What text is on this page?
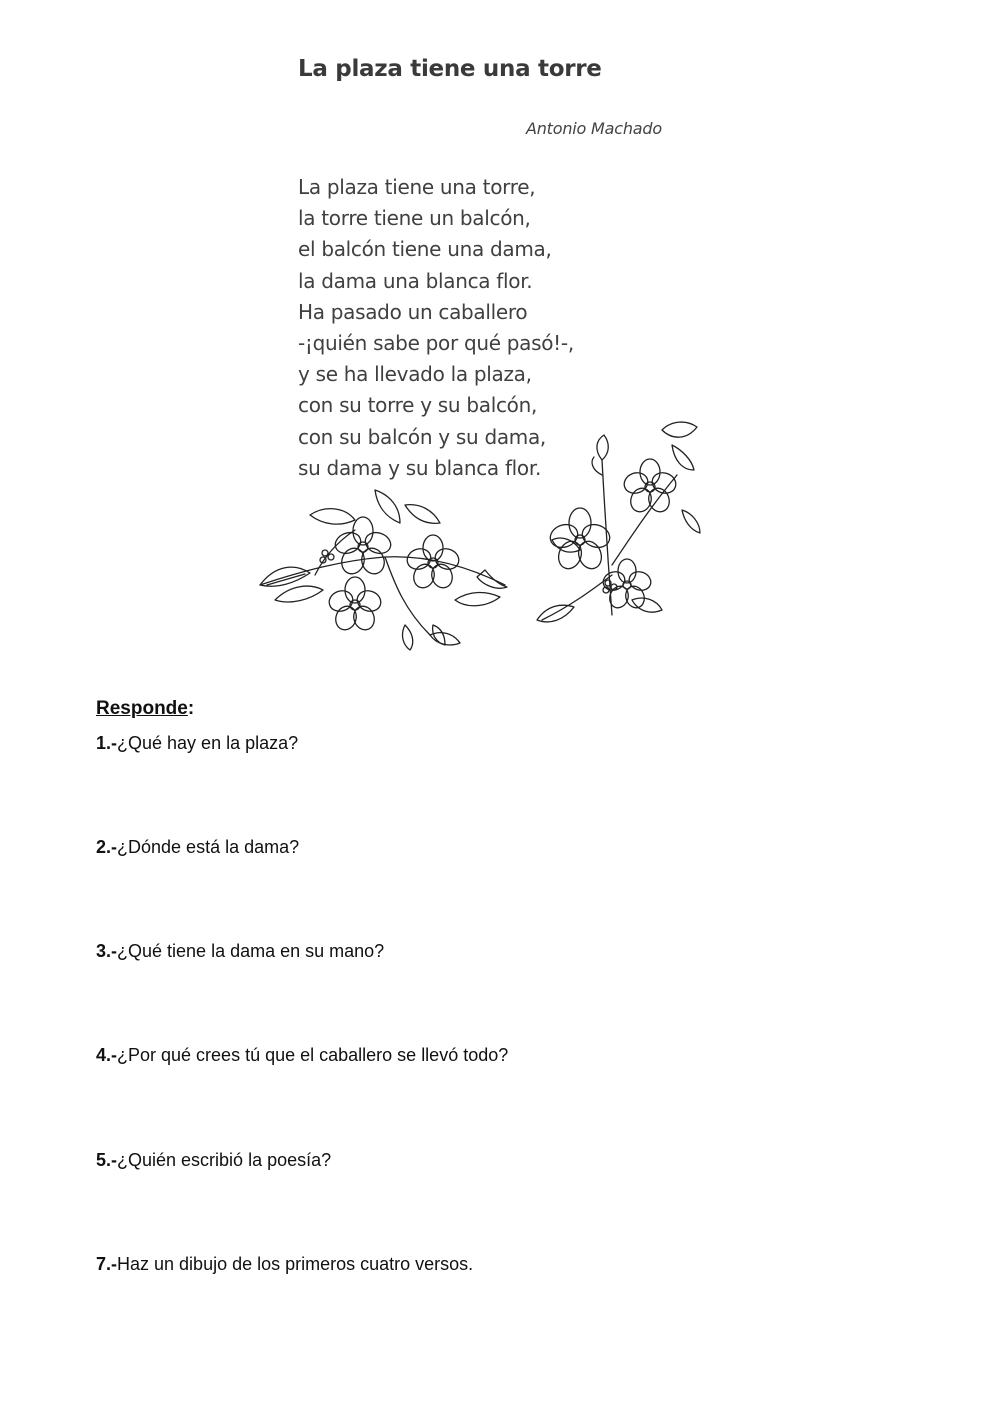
La plaza tiene una torre
Antonio Machado
La plaza tiene una torre,
la torre tiene un balcón,
el balcón tiene una dama,
la dama una blanca flor.
Ha pasado un caballero
-¡quién sabe por qué pasó!-,
y se ha llevado la plaza,
con su torre y su balcón,
con su balcón y su dama,
su dama y su blanca flor.
Responde:
1.-¿Qué hay en la plaza?
2.-¿Dónde está la dama?
3.-¿Qué tiene la dama en su mano?
4.-¿Por qué crees tú que el caballero se llevó todo?
5.-¿Quién escribió la poesía?
7.-Haz un dibujo de los primeros cuatro versos.
